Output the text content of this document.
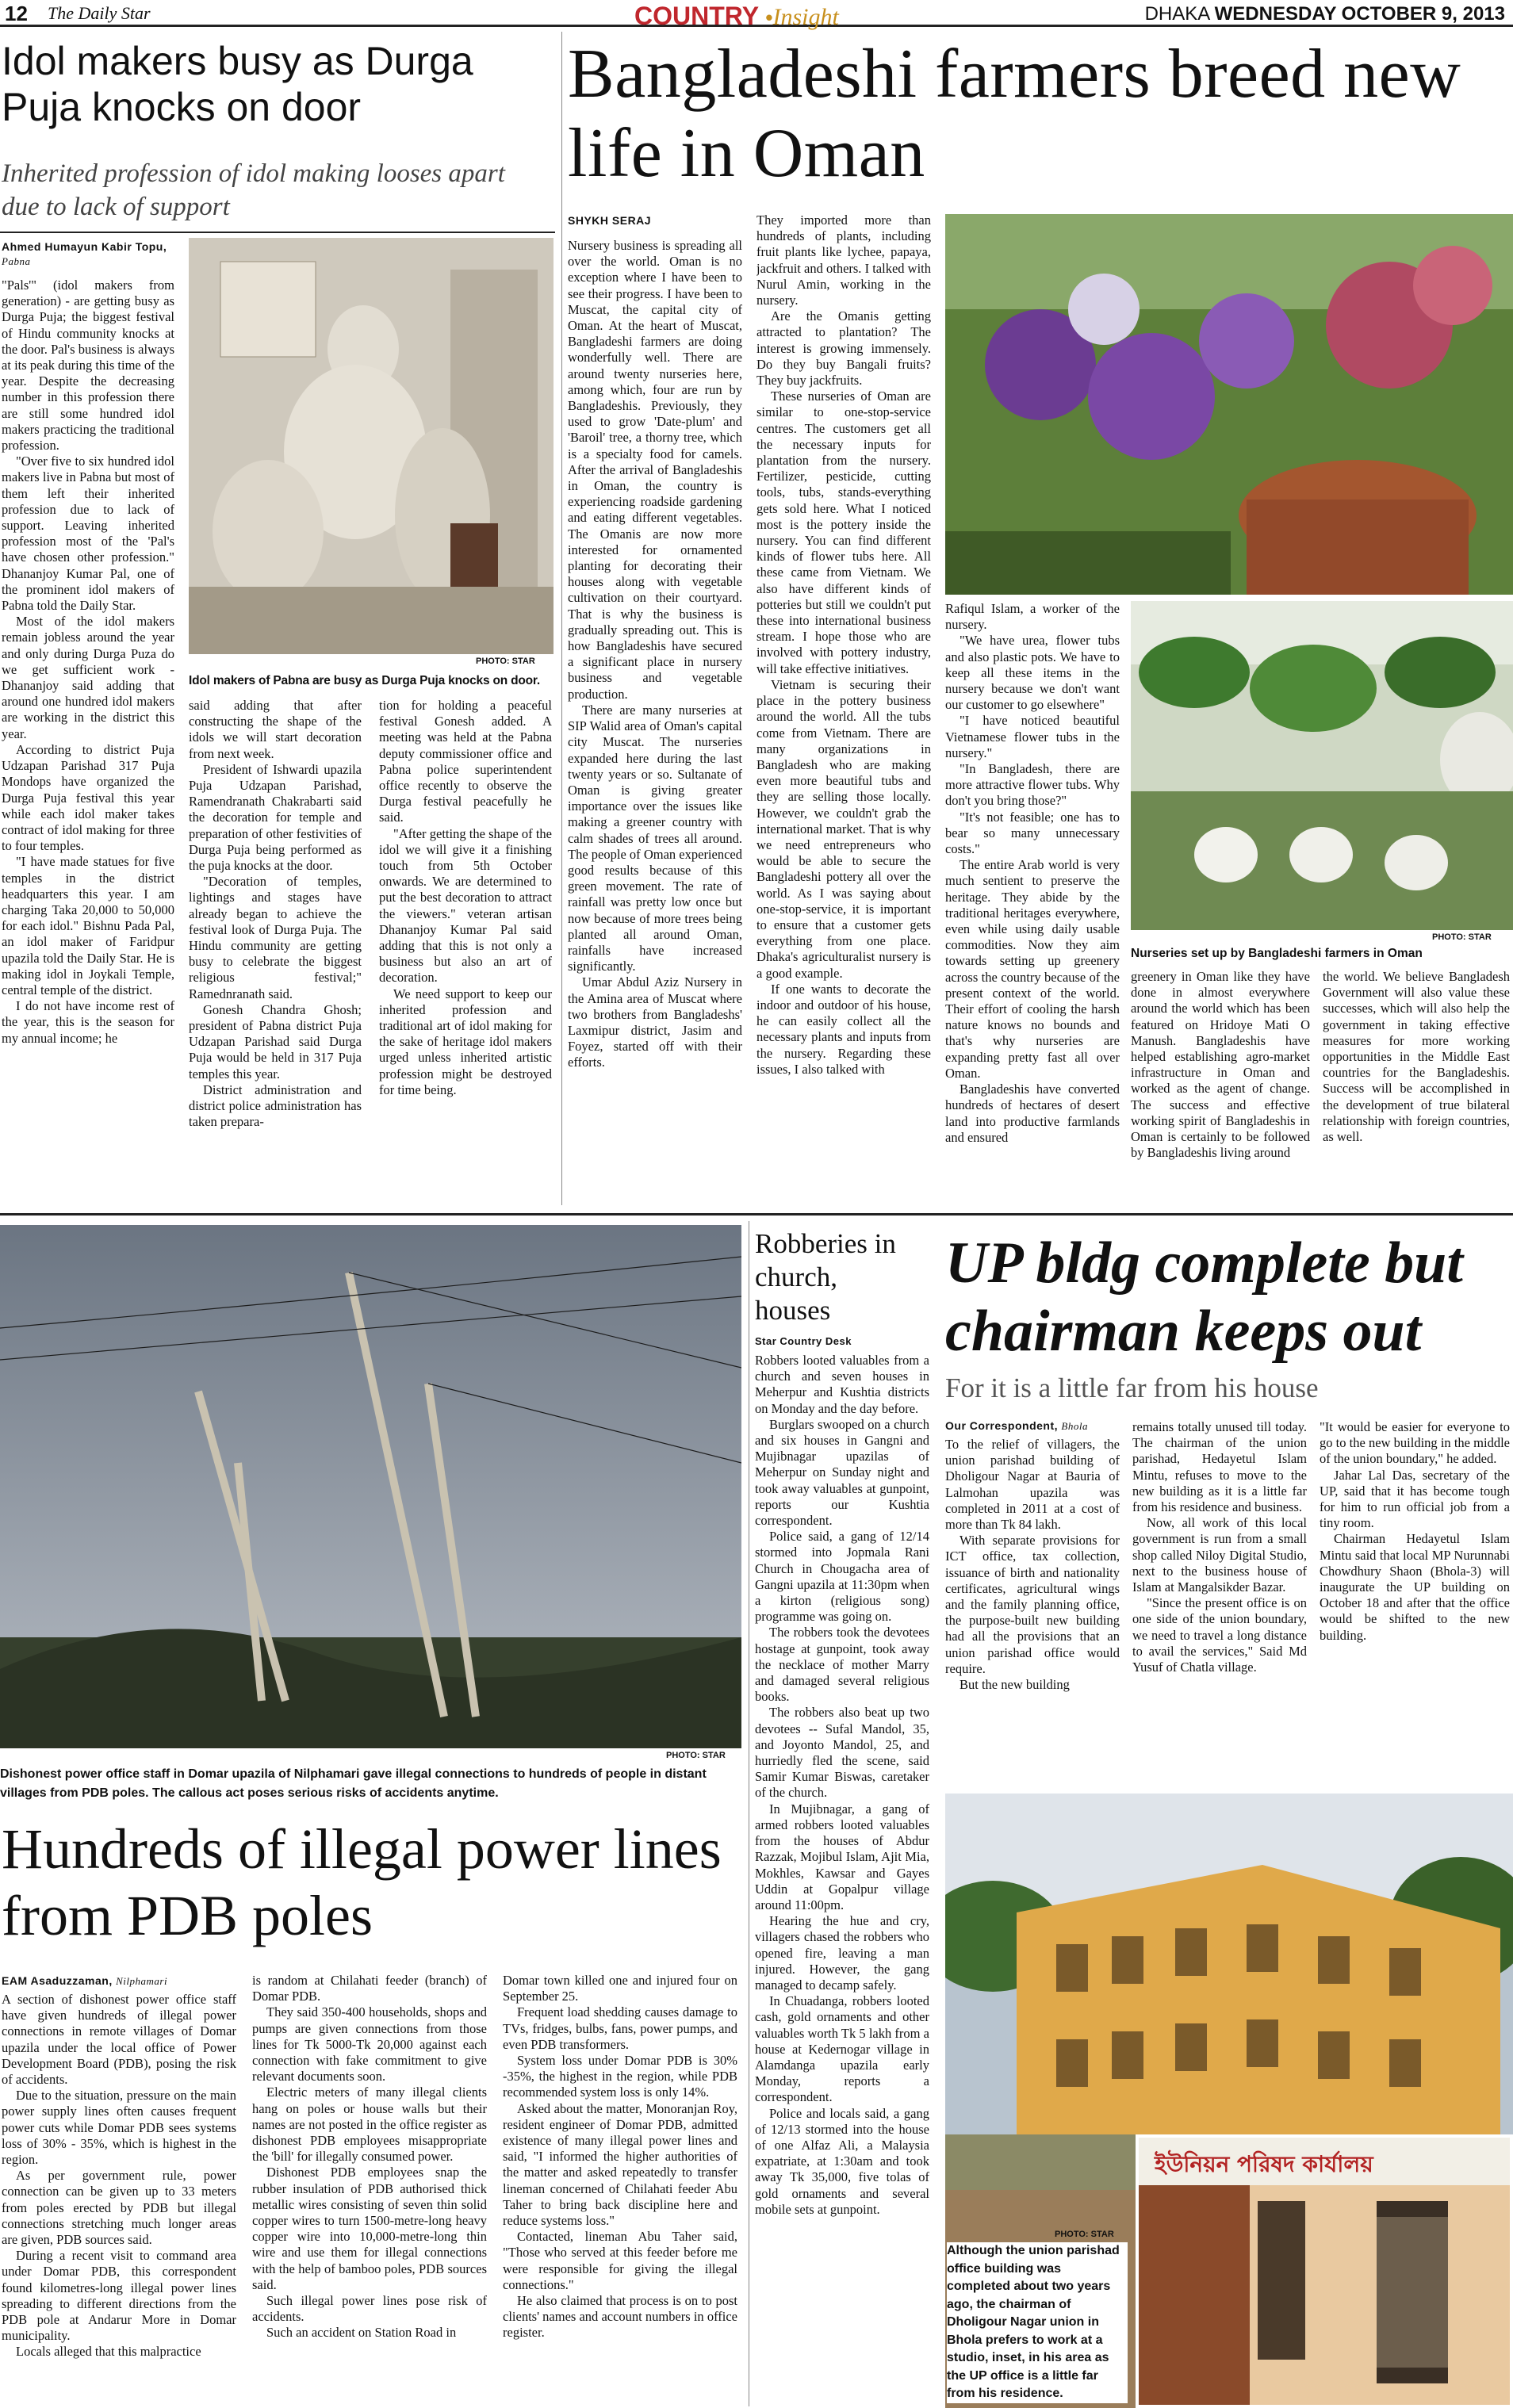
12 The Daily Star	COUNTRY •Insight	DHAKA WEDNESDAY OCTOBER 9, 2013
Idol makers busy as Durga Puja knocks on door
Inherited profession of idol making looses apart due to lack of support
Ahmed Humayun Kabir Topu, Pabna

"Pals'" (idol makers from generation) - are getting busy as Durga Puja; the biggest festival of Hindu community knocks at the door. Pal's business is always at its peak during this time of the year. Despite the decreasing number in this profession there are still some hundred idol makers practicing the traditional profession.

"Over five to six hundred idol makers live in Pabna but most of them left their inherited profession due to lack of support. Leaving inherited profession most of the 'Pal's have chosen other profession." Dhananjoy Kumar Pal, one of the prominent idol makers of Pabna told the Daily Star.

Most of the idol makers remain jobless around the year and only during Durga Puza do we get sufficient work - Dhananjoy said adding that around one hundred idol makers are working in the district this year.

According to district Puja Udzapan Parishad 317 Puja Mondops have organized the Durga Puja festival this year while each idol maker takes contract of idol making for three to four temples.

"I have made statues for five temples in the district headquarters this year. I am charging Taka 20,000 to 50,000 for each idol." Bishnu Pada Pal, an idol maker of Faridpur upazila told the Daily Star. He is making idol in Joykali Temple, central temple of the district.

I do not have income rest of the year, this is the season for my annual income; he

PHOTO: STAR
Idol makers of Pabna are busy as Durga Puja knocks on door.

said adding that after constructing the shape of the idols we will start decoration from next week.

President of Ishwardi upazila Puja Udzapan Parishad, Ramendranath Chakrabarti said the decoration for temple and preparation of other festivities of Durga Puja being performed as the puja knocks at the door.

"Decoration of temples, lightings and stages have already began to achieve the festival look of Durga Puja. The Hindu community are getting busy to celebrate the biggest religious festival;" Ramednranath said.

Gonesh Chandra Ghosh; president of Pabna district Puja Udzapan Parishad said Durga Puja would be held in 317 Puja temples this year.

District administration and district police administration has taken prepara-

tion for holding a peaceful festival Gonesh added. A meeting was held at the Pabna deputy commissioner office and Pabna police superintendent office recently to observe the Durga festival peacefully he said.

"After getting the shape of the idol we will give it a finishing touch from 5th October onwards. We are determined to put the best decoration to attract the viewers." veteran artisan Dhananjoy Kumar Pal said adding that this is not only a business but also an art of decoration.

We need support to keep our inherited profession and traditional art of idol making for the sake of heritage idol makers urged unless inherited artistic profession might be destroyed for time being.

Bangladeshi farmers breed new life in Oman
SHYKH SERAJ

Nursery business is spreading all over the world. Oman is no exception where I have been to see their progress. I have been to Muscat, the capital city of Oman. At the heart of Muscat, Bangladeshi farmers are doing wonderfully well. There are around twenty nurseries here, among which, four are run by Bangladeshis. Previously, they used to grow 'Date-plum' and 'Baroil' tree, a thorny tree, which is a specialty food for camels. After the arrival of Bangladeshis in Oman, the country is experiencing roadside gardening and eating different vegetables. The Omanis are now more interested for ornamented planting for decorating their houses along with vegetable cultivation on their courtyard. That is why the business is gradually spreading out. This is how Bangladeshis have secured a significant place in nursery business and vegetable production.

There are many nurseries at SIP Walid area of Oman's capital city Muscat. The nurseries expanded here during the last twenty years or so. Sultanate of Oman is giving greater importance over the issues like making a greener country with calm shades of trees all around. The people of Oman experienced good results because of this green movement. The rate of rainfall was pretty low once but now because of more trees being planted all around Oman, rainfalls have increased significantly.

Umar Abdul Aziz Nursery in the Amina area of Muscat where two brothers from Bangladeshs' Laxmipur district, Jasim and Foyez, started off with their efforts.

They imported more than hundreds of plants, including fruit plants like lychee, papaya, jackfruit and others. I talked with Nurul Amin, working in the nursery.

Are the Omanis getting attracted to plantation? The interest is growing immensely. Do they buy Bangali fruits? They buy jackfruits.

These nurseries of Oman are similar to one-stop-service centres. The customers get all the necessary inputs for plantation from the nursery. Fertilizer, pesticide, cutting tools, tubs, stands-everything gets sold here. What I noticed most is the pottery inside the nursery. You can find different kinds of flower tubs here. All these came from Vietnam. We also have different kinds of potteries but still we couldn't put these into international business stream. I hope those who are involved with pottery industry, will take effective initiatives.

Vietnam is securing their place in the pottery business around the world. All the tubs come from Vietnam. There are many organizations in Bangladesh who are making even more beautiful tubs and they are selling those locally. However, we couldn't grab the international market. That is why we need entrepreneurs who would be able to secure the Bangladeshi pottery all over the world. As I was saying about one-stop-service, it is important to ensure that a customer gets everything from one place. Dhaka's agriculturalist nursery is a good example.

If one wants to decorate the indoor and outdoor of his house, he can easily collect all the necessary plants and inputs from the nursery. Regarding these issues, I also talked with

Rafiqul Islam, a worker of the nursery.

"We have urea, flower tubs and also plastic pots. We have to keep all these items in the nursery because we don't want our customer to go elsewhere"

"I have noticed beautiful Vietnamese flower tubs in the nursery."

"In Bangladesh, there are more attractive flower tubs. Why don't you bring those?"

"It's not feasible; one has to bear so many unnecessary costs."

The entire Arab world is very much sentient to preserve the heritage. They abide by the traditional heritages everywhere, even while using daily usable commodities. Now they aim towards setting up greenery across the country because of the present context of the world. Their effort of cooling the harsh nature knows no bounds and that's why nurseries are expanding pretty fast all over Oman.

Bangladeshis have converted hundreds of hectares of desert land into productive farmlands and ensured

PHOTO: STAR
Nurseries set up by Bangladeshi farmers in Oman

greenery in Oman like they have done in almost everywhere around the world which has been featured on Hridoye Mati O Manush. Bangladeshis have helped establishing agro-market infrastructure in Oman and worked as the agent of change. The success and effective working spirit of Bangladeshis in Oman is certainly to be followed by Bangladeshis living around

the world. We believe Bangladesh Government will also value these successes, which will also help the government in taking effective measures for more working opportunities in the Middle East countries for the Bangladeshis. Success will be accomplished in the development of true bilateral relationship with foreign countries, as well.

PHOTO: STAR
Dishonest power office staff in Domar upazila of Nilphamari gave illegal connections to hundreds of people in distant villages from PDB poles. The callous act poses serious risks of accidents anytime.
Hundreds of illegal power lines from PDB poles
EAM Asaduzzaman, Nilphamari

A section of dishonest power office staff have given hundreds of illegal power connections in remote villages of Domar upazila under the local office of Power Development Board (PDB), posing the risk of accidents.

Due to the situation, pressure on the main power supply lines often causes frequent power cuts while Domar PDB sees systems loss of 30% - 35%, which is highest in the region.

As per government rule, power connection can be given up to 33 meters from poles erected by PDB but illegal connections stretching much longer areas are given, PDB sources said.

During a recent visit to command area under Domar PDB, this correspondent found kilometres-long illegal power lines spreading to different directions from the PDB pole at Andarur More in Domar municipality.

Locals alleged that this malpractice

is random at Chilahati feeder (branch) of Domar PDB.

They said 350-400 households, shops and pumps are given connections from those lines for Tk 5000-Tk 20,000 against each connection with fake commitment to give relevant documents soon.

Electric meters of many illegal clients hang on poles or house walls but their names are not posted in the office register as dishonest PDB employees misappropriate the 'bill' for illegally consumed power.

Dishonest PDB employees snap the rubber insulation of PDB authorised thick metallic wires consisting of seven thin solid copper wires to turn 1500-metre-long heavy copper wire into 10,000-metre-long thin wire and use them for illegal connections with the help of bamboo poles, PDB sources said.

Such illegal power lines pose risk of accidents.

Such an accident on Station Road in

Domar town killed one and injured four on September 25.

Frequent load shedding causes damage to TVs, fridges, bulbs, fans, power pumps, and even PDB transformers.

System loss under Domar PDB is 30% -35%, the highest in the region, while PDB recommended system loss is only 14%.

Asked about the matter, Monoranjan Roy, resident engineer of Domar PDB, admitted existence of many illegal power lines and said, "I informed the higher authorities of the matter and asked repeatedly to transfer lineman concerned of Chilahati feeder Abu Taher to bring back discipline here and reduce systems loss."

Contacted, lineman Abu Taher said, "Those who served at this feeder before me were responsible for giving the illegal connections."

He also claimed that process is on to post clients' names and account numbers in office register.

Robberies in church, houses
Star Country Desk

Robbers looted valuables from a church and seven houses in Meherpur and Kushtia districts on Monday and the day before.

Burglars swooped on a church and six houses in Gangni and Mujibnagar upazilas of Meherpur on Sunday night and took away valuables at gunpoint, reports our Kushtia correspondent.

Police said, a gang of 12/14 stormed into Jopmala Rani Church in Chougacha area of Gangni upazila at 11:30pm when a kirton (religious song) programme was going on.

The robbers took the devotees hostage at gunpoint, took away the necklace of mother Marry and damaged several religious books.

The robbers also beat up two devotees -- Sufal Mandol, 35, and Joyonto Mandol, 25, and hurriedly fled the scene, said Samir Kumar Biswas, caretaker of the church.

In Mujibnagar, a gang of armed robbers looted valuables from the houses of Abdur Razzak, Mojibul Islam, Ajit Mia, Mokhles, Kawsar and Gayes Uddin at Gopalpur village around 11:00pm.

Hearing the hue and cry, villagers chased the robbers who opened fire, leaving a man injured. However, the gang managed to decamp safely.

In Chuadanga, robbers looted cash, gold ornaments and other valuables worth Tk 5 lakh from a house at Kedernogar village in Alamdanga upazila early Monday, reports a correspondent.

Police and locals said, a gang of 12/13 stormed into the house of one Alfaz Ali, a Malaysia expatriate, at 1:30am and took away Tk 35,000, five tolas of gold ornaments and several mobile sets at gunpoint.

UP bldg complete but chairman keeps out
For it is a little far from his house
Our Correspondent, Bhola

To the relief of villagers, the union parishad building of Dholigour Nagar at Bauria of Lalmohan upazila was completed in 2011 at a cost of more than Tk 84 lakh.

With separate provisions for ICT office, tax collection, issuance of birth and nationality certificates, agricultural wings and the family planning office, the purpose-built new building had all the provisions that an union parishad office would require.

But the new building

remains totally unused till today. The chairman of the union parishad, Hedayetul Islam Mintu, refuses to move to the new building as it is a little far from his residence and business.

Now, all work of this local government is run from a small shop called Niloy Digital Studio, next to the business house of Islam at Mangalsikder Bazar.

"Since the present office is on one side of the union boundary, we need to travel a long distance to avail the services," Said Md Yusuf of Chatla village.

"It would be easier for everyone to go to the new building in the middle of the union boundary," he added.

Jahar Lal Das, secretary of the UP, said that it has become tough for him to run official job from a tiny room.

Chairman Hedayetul Islam Mintu said that local MP Nurunnabi Chowdhury Shaon (Bhola-3) will inaugurate the UP building on October 18 and after that the office would be shifted to the new building.

ইউনিয়ন পরিষদ কার্যালয়
PHOTO: STAR
Although the union parishad office building was completed about two years ago, the chairman of Dholigour Nagar union in Bhola prefers to work at a studio, inset, in his area as the UP office is a little far from his residence.
